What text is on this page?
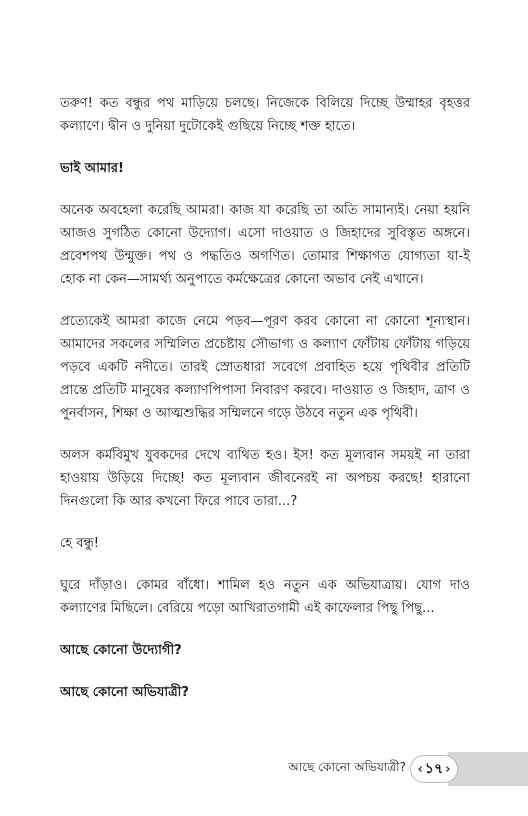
তরুণ! কত বন্ধুর পথ মাড়িয়ে চলছে। নিজেকে বিলিয়ে দিচ্ছে উম্মাহর বৃহত্তর কল্যাণে। দ্বীন ও দুনিয়া দুটোকেই গুছিয়ে নিচ্ছে শক্ত হাতে।

ভাই আমার!

অনেক অবহেলা করেছি আমরা। কাজ যা করেছি তা অতি সামান্যই। নেয়া হয়নি আজও সুগঠিত কোনো উদ্যোগ। এসো দাওয়াত ও জিহাদের সুবিস্তৃত অঙ্গনে। প্রবেশপথ উন্মুক্ত। পথ ও পদ্ধতিও অগণিত। তোমার শিক্ষাগত যোগ্যতা যা-ই হোক না কেন—সামর্থ্য অনুপাতে কর্মক্ষেত্রের কোনো অভাব নেই এখানে।

প্রত্যেকেই আমরা কাজে নেমে পড়ব—পূরণ করব কোনো না কোনো শূন্যস্থান। আমাদের সকলের সম্মিলিত প্রচেষ্টায় সৌভাগ্য ও কল্যাণ ফোঁটায় ফোঁটায় গড়িয়ে পড়বে একটি নদীতে। তারই স্রোতধারা সবেগে প্রবাহিত হয়ে পৃথিবীর প্রতিটি প্রান্তে প্রতিটি মানুষের কল্যাণপিপাসা নিবারণ করবে। দাওয়াত ও জিহাদ, ত্রাণ ও পুনর্বাসন, শিক্ষা ও আত্মশুদ্ধির সম্মিলনে গড়ে উঠবে নতুন এক পৃথিবী।

অলস কর্মবিমুখ যুবকদের দেখে ব্যথিত হও। ইস! কত মূল্যবান সময়ই না তারা হাওয়ায় উড়িয়ে দিচ্ছে! কত মূল্যবান জীবনেরই না অপচয় করছে! হারানো দিনগুলো কি আর কখনো ফিরে পাবে তারা...?

হে বন্ধু!

ঘুরে দাঁড়াও। কোমর বাঁধো। শামিল হও নতুন এক অভিযাত্রায়। যোগ দাও কল্যাণের মিছিলে। বেরিয়ে পড়ো আখিরাতগামী এই কাফেলার পিছু পিছু...

আছে কোনো উদ্যোগী?

আছে কোনো অভিযাত্রী?

আছে কোনো অভিযাত্রী? ‹ ১৭ ›
